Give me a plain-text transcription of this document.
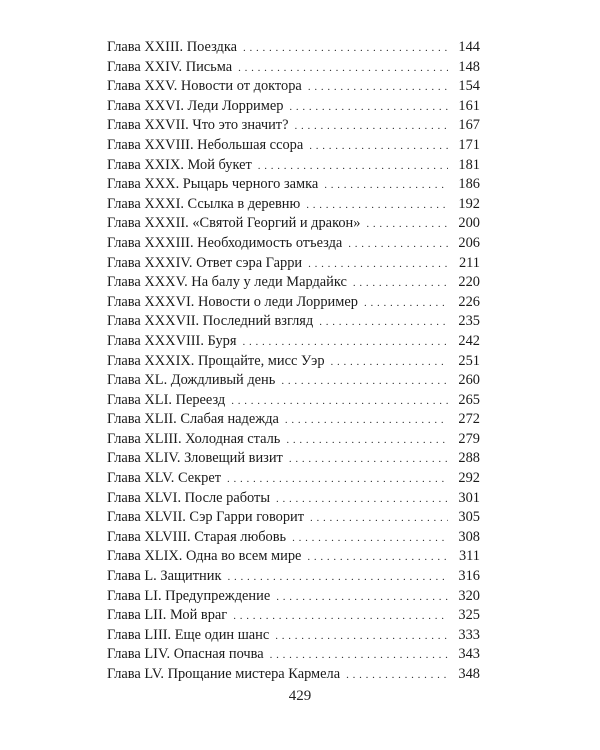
Глава XXIII. Поездка . . .	144
Глава XXIV. Письма . . .	148
Глава XXV. Новости от доктора . . .	154
Глава XXVI. Леди Лорример . . .	161
Глава XXVII. Что это значит? . . .	167
Глава XXVIII. Небольшая ссора . . .	171
Глава XXIX. Мой букет . . .	181
Глава XXX. Рыцарь черного замка . . .	186
Глава XXXI. Ссылка в деревню . . .	192
Глава XXXII. «Святой Георгий и дракон» . . .	200
Глава XXXIII. Необходимость отъезда . . .	206
Глава XXXIV. Ответ сэра Гарри . . .	211
Глава XXXV. На балу у леди Мардайкс . . .	220
Глава XXXVI. Новости о леди Лорример . . .	226
Глава XXXVII. Последний взгляд . . .	235
Глава XXXVIII. Буря . . .	242
Глава XXXIX. Прощайте, мисс Уэр . . .	251
Глава XL. Дождливый день . . .	260
Глава XLI. Переезд . . .	265
Глава XLII. Слабая надежда . . .	272
Глава XLIII. Холодная сталь . . .	279
Глава XLIV. Зловещий визит . . .	288
Глава XLV. Секрет . . .	292
Глава XLVI. После работы . . .	301
Глава XLVII. Сэр Гарри говорит . . .	305
Глава XLVIII. Старая любовь . . .	308
Глава XLIX. Одна во всем мире . . .	311
Глава L. Защитник . . .	316
Глава LI. Предупреждение . . .	320
Глава LII. Мой враг . . .	325
Глава LIII. Еще один шанс . . .	333
Глава LIV. Опасная почва . . .	343
Глава LV. Прощание мистера Кармела . . .	348
429
